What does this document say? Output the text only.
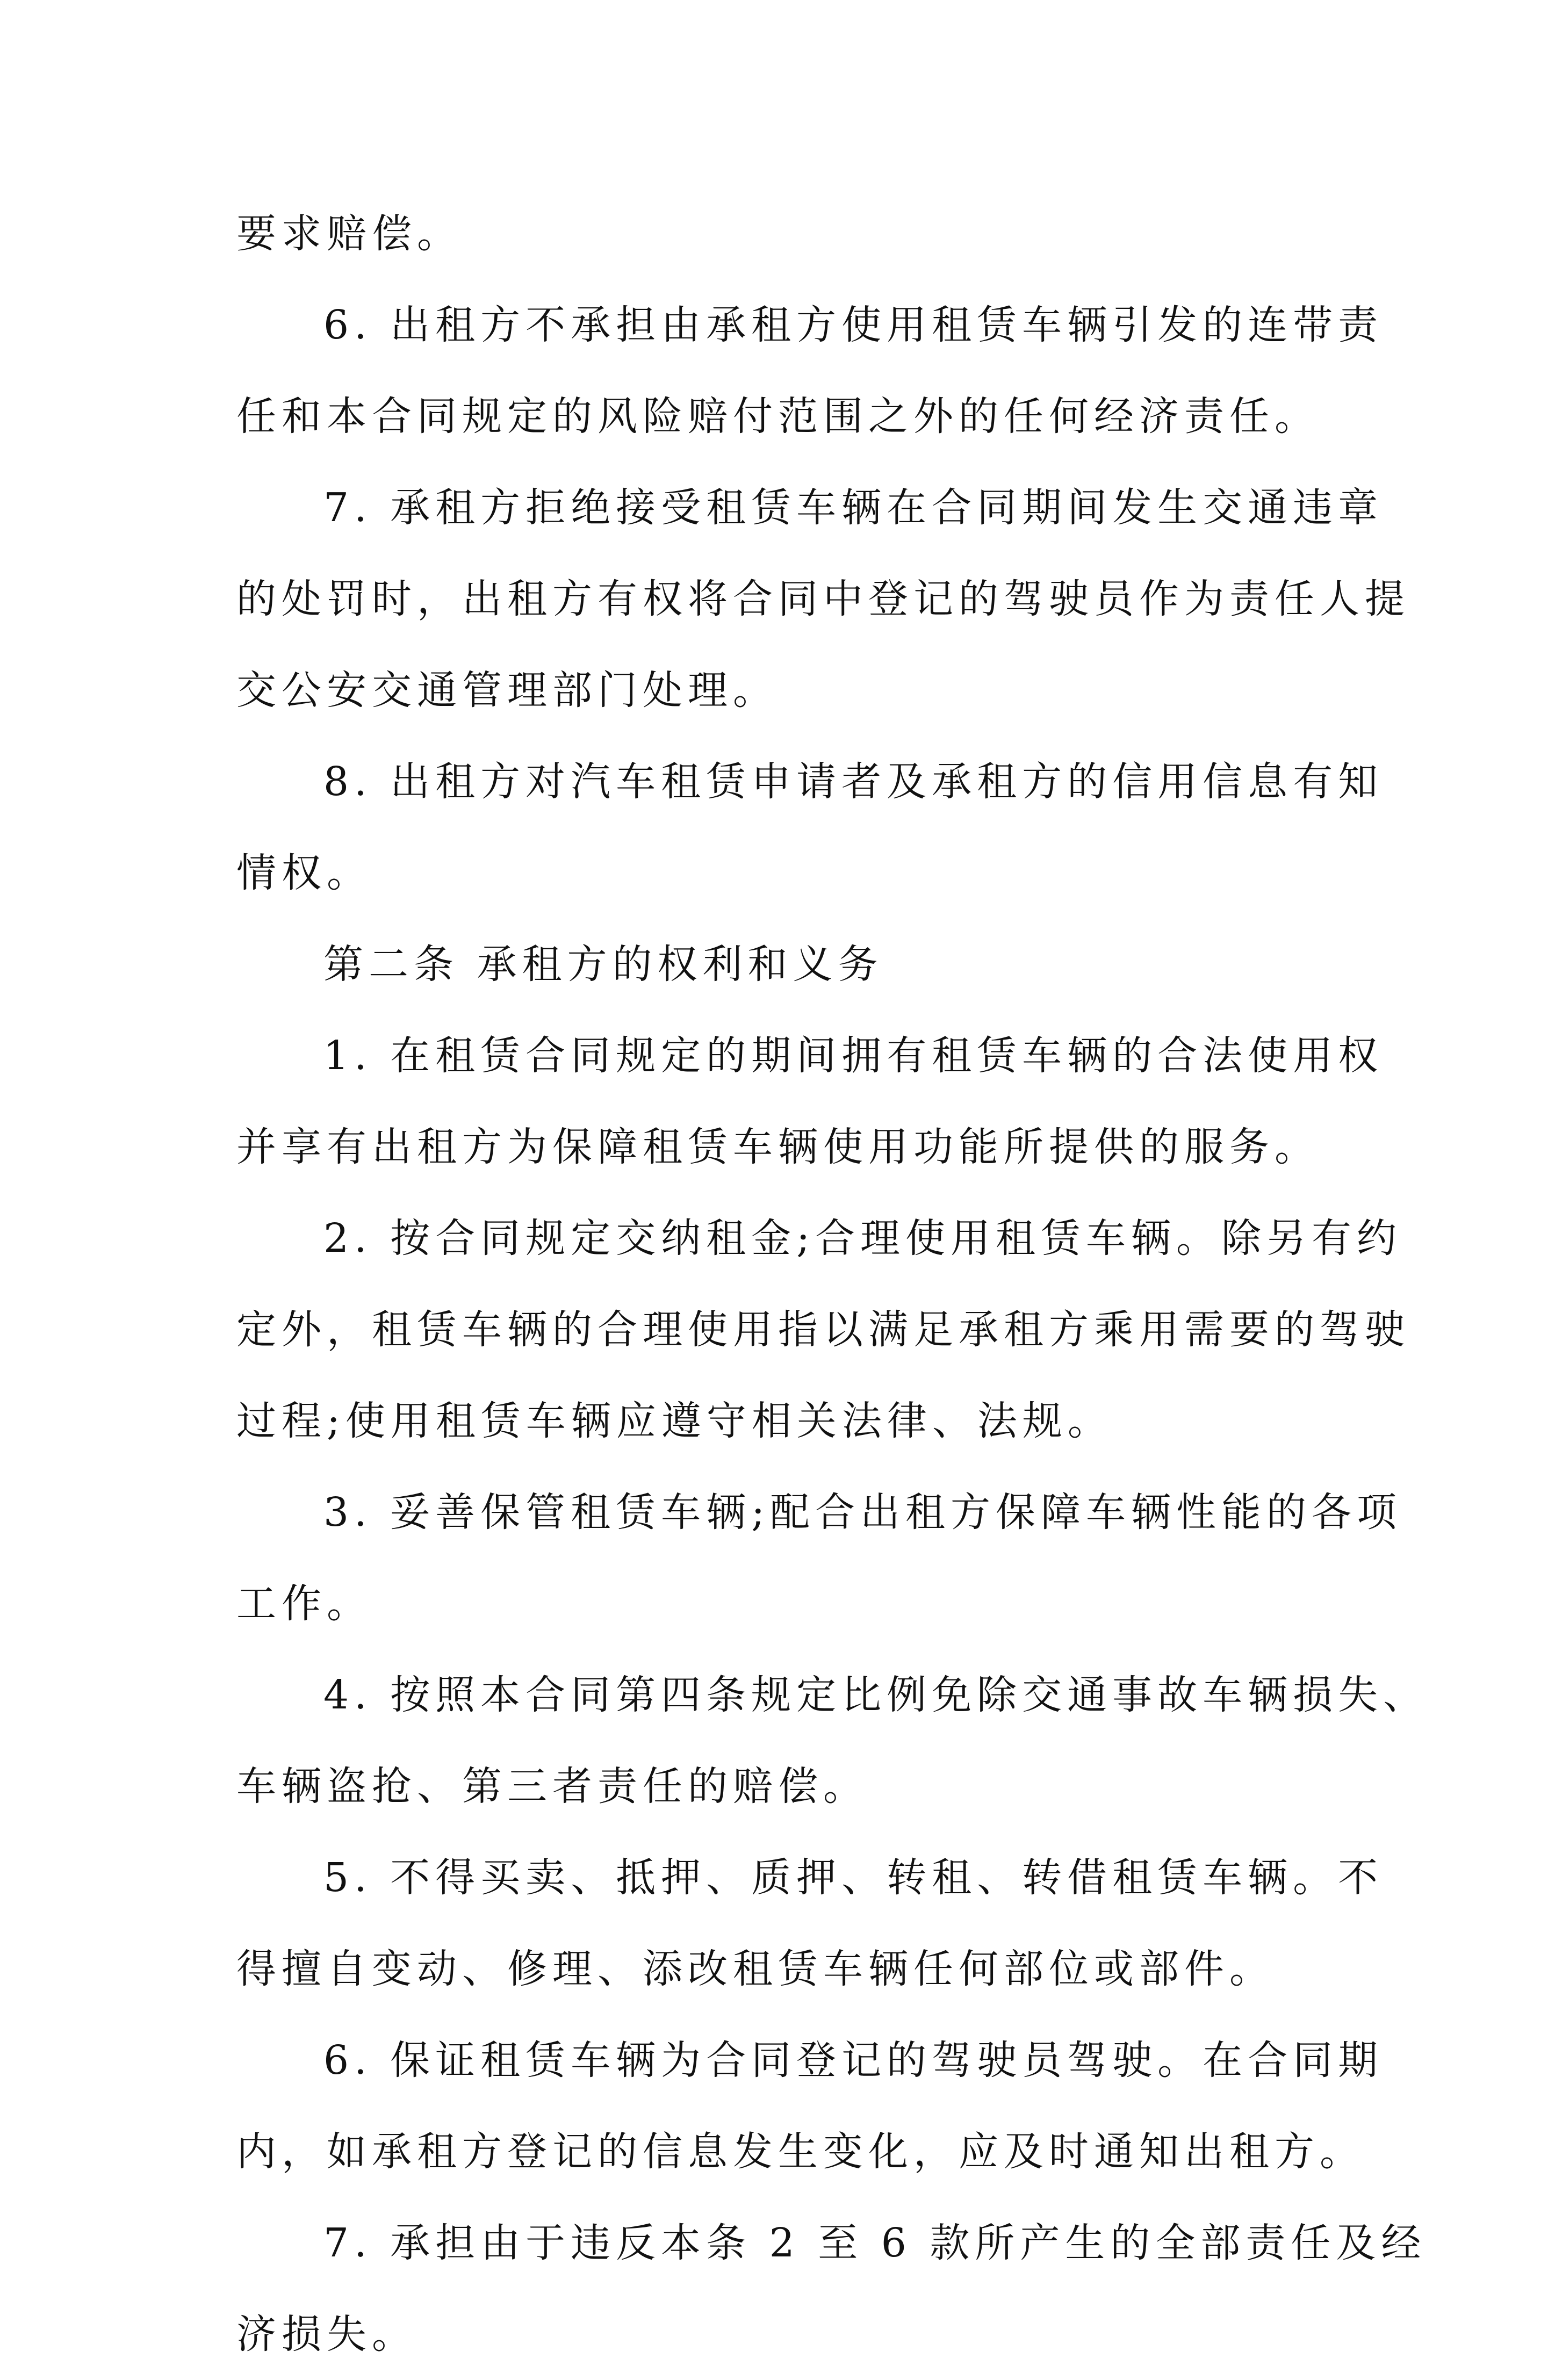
要求赔偿。
6. 出租方不承担由承租方使用租赁车辆引发的连带责
任和本合同规定的风险赔付范围之外的任何经济责任。
7. 承租方拒绝接受租赁车辆在合同期间发生交通违章
的处罚时，出租方有权将合同中登记的驾驶员作为责任人提
交公安交通管理部门处理。
8. 出租方对汽车租赁申请者及承租方的信用信息有知
情权。
第二条 承租方的权利和义务
1. 在租赁合同规定的期间拥有租赁车辆的合法使用权
并享有出租方为保障租赁车辆使用功能所提供的服务。
2. 按合同规定交纳租金;合理使用租赁车辆。除另有约
定外，租赁车辆的合理使用指以满足承租方乘用需要的驾驶
过程;使用租赁车辆应遵守相关法律、法规。
3. 妥善保管租赁车辆;配合出租方保障车辆性能的各项
工作。
4. 按照本合同第四条规定比例免除交通事故车辆损失、
车辆盗抢、第三者责任的赔偿。
5. 不得买卖、抵押、质押、转租、转借租赁车辆。不
得擅自变动、修理、添改租赁车辆任何部位或部件。
6. 保证租赁车辆为合同登记的驾驶员驾驶。在合同期
内，如承租方登记的信息发生变化，应及时通知出租方。
7. 承担由于违反本条 2 至 6 款所产生的全部责任及经
济损失。
